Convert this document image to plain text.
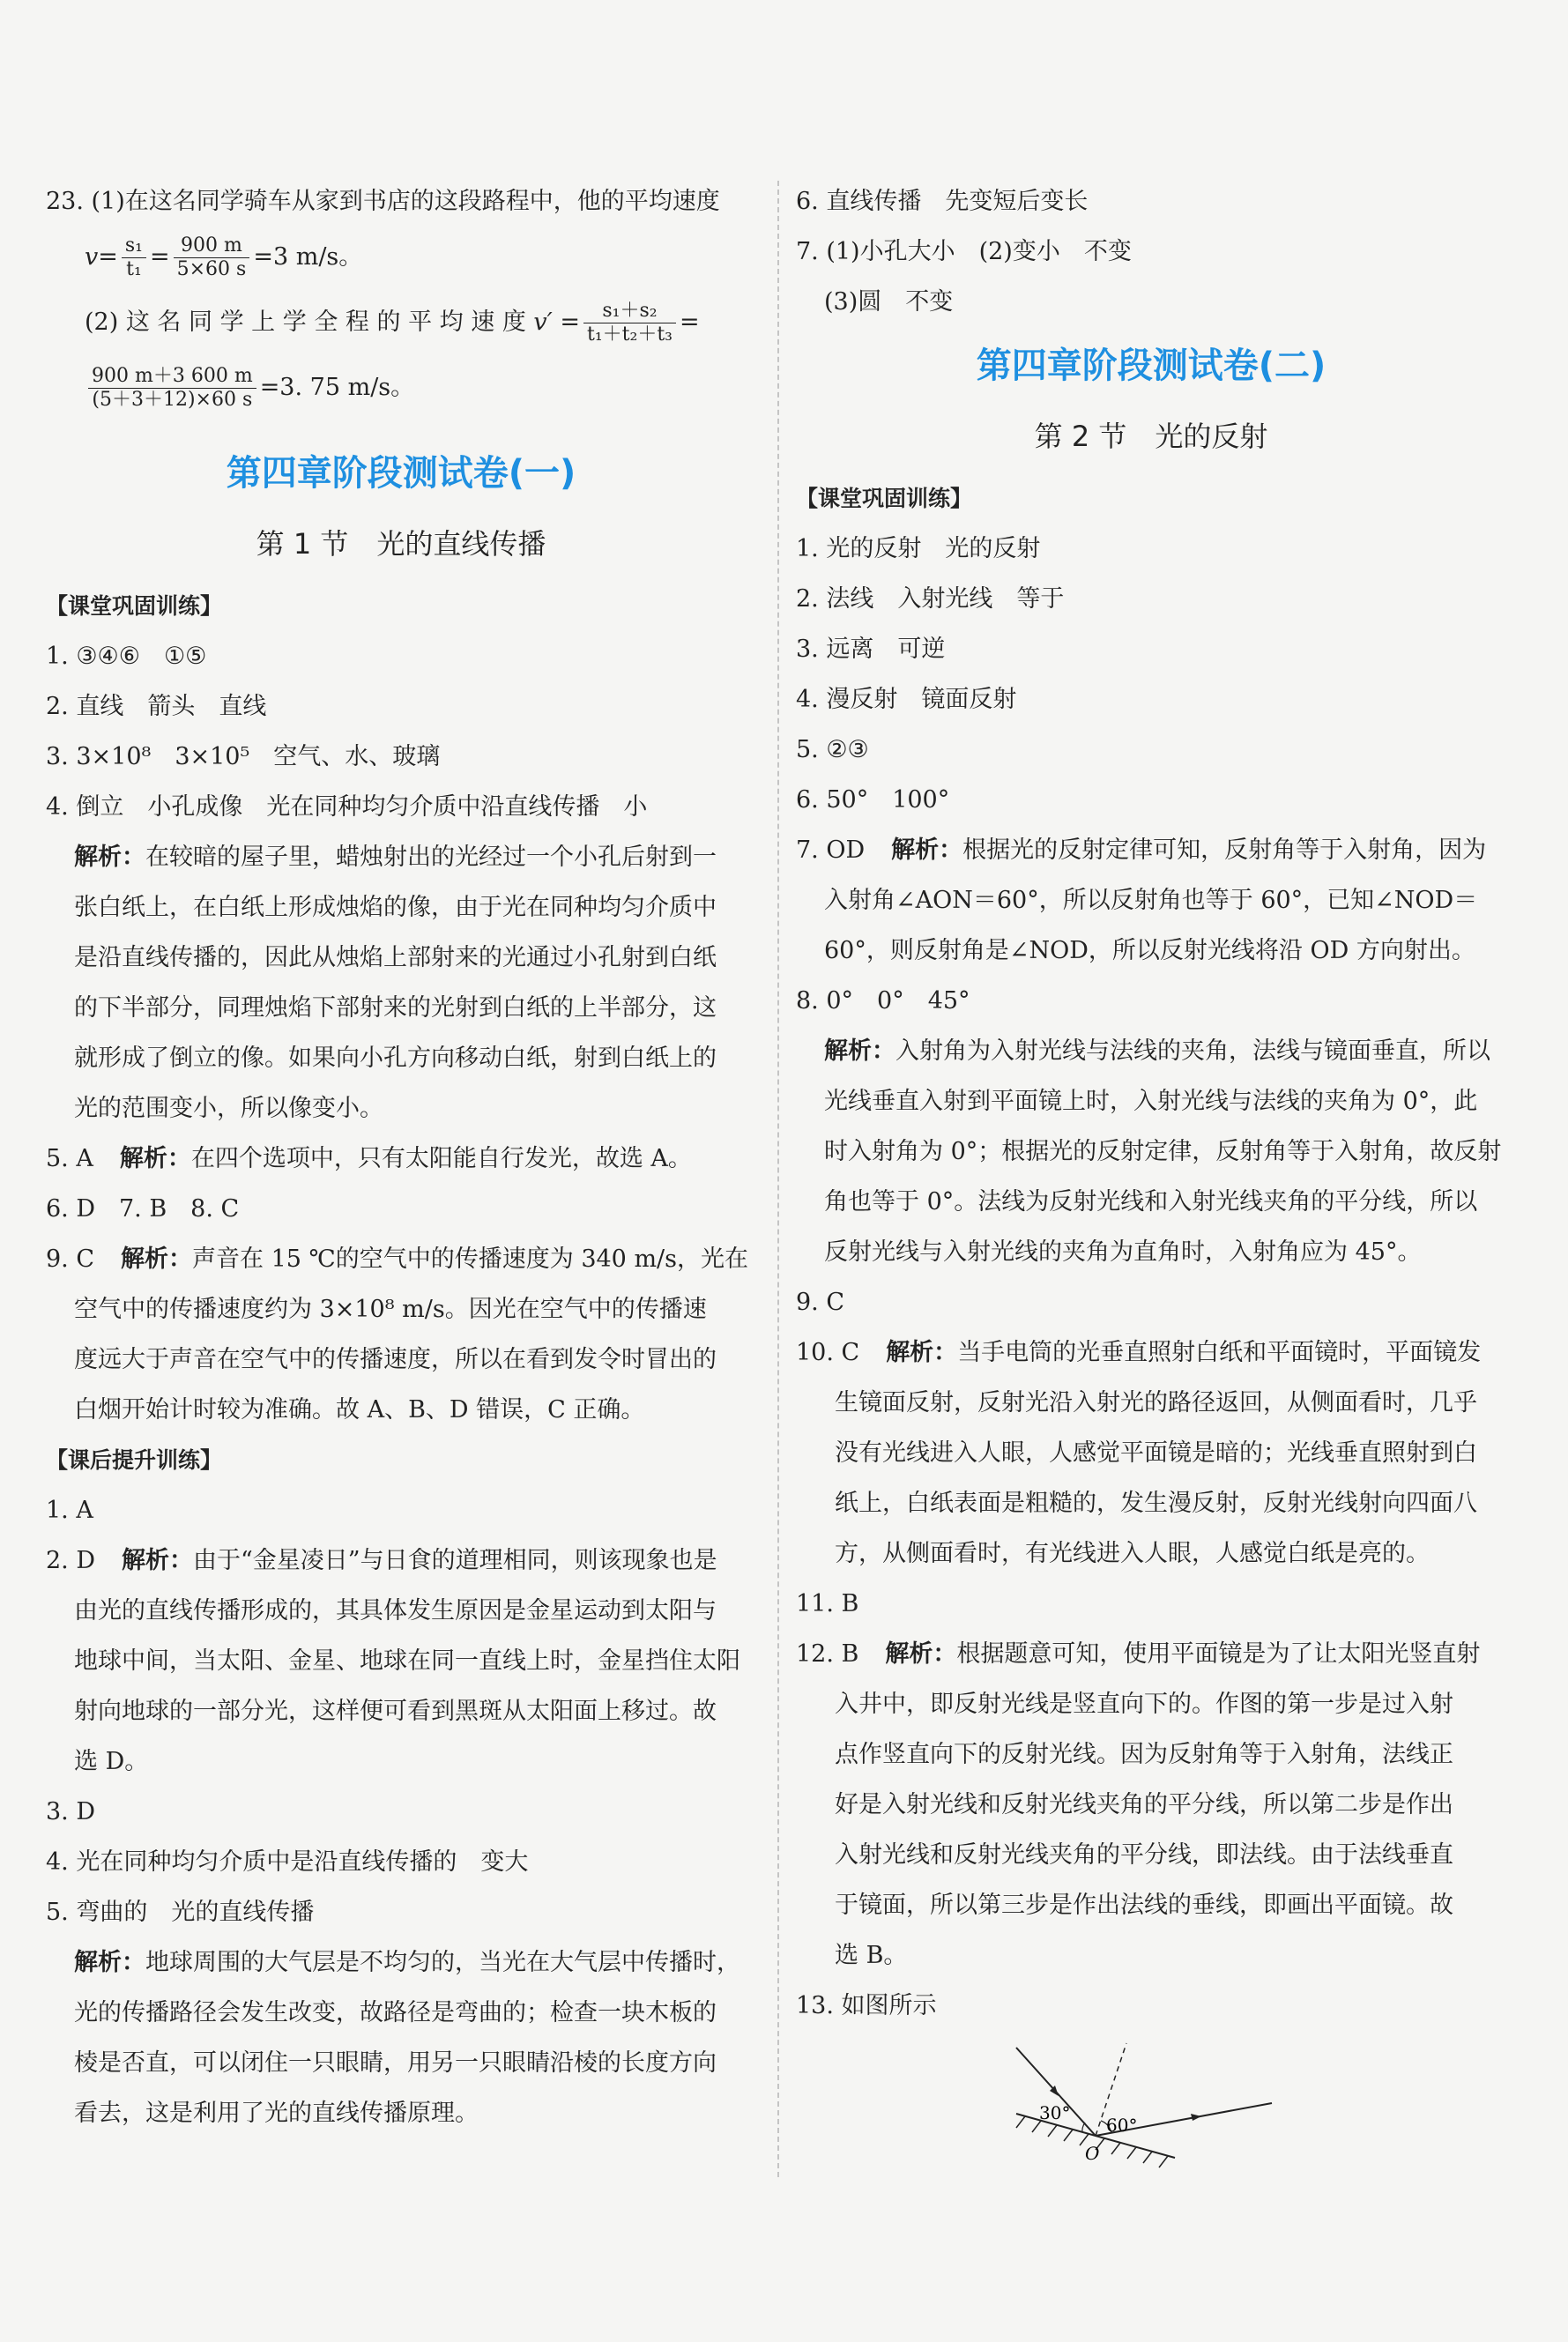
23. (1)在这名同学骑车从家到书店的这段路程中，他的平均速度
$v= \frac{\text{s₁}}{\text{t₁}} = \frac{900 m}{5\times 60 s} =3$ m/s。
(2) 这 名 同 学 上 学 全 程 的 平 均 速 度 $v' = \frac{\text{s₁＋s₂}}{\text{t₁＋t₂＋t₃}}$ =
$\frac{900 m+3 600 m}{(5+3+12)\times 60 s} =3$. 75 m/s。
第四章阶段测试卷(一)
第 1 节　光的直线传播
【课堂巩固训练】
1. ③④⑥　①⑤
2. 直线　箭头　直线
3. 3×10⁸　3×10⁵　空气、水、玻璃
4. 倒立　小孔成像　光在同种均匀介质中沿直线传播　小
解析：在较暗的屋子里，蜡烛射出的光经过一个小孔后射到一
张白纸上，在白纸上形成烛焰的像，由于光在同种均匀介质中
是沿直线传播的，因此从烛焰上部射来的光通过小孔射到白纸
的下半部分，同理烛焰下部射来的光射到白纸的上半部分，这
就形成了倒立的像。如果向小孔方向移动白纸，射到白纸上的
光的范围变小，所以像变小。
5. A 解析：在四个选项中，只有太阳能自行发光，故选 A。
6. D　7. B　8. C
9. C 解析：声音在 15 ℃的空气中的传播速度为 340 m/s，光在
空气中的传播速度约为 3×10⁸ m/s。因光在空气中的传播速
度远大于声音在空气中的传播速度，所以在看到发令时冒出的
白烟开始计时较为准确。故 A、B、D 错误，C 正确。
【课后提升训练】
1. A
2. D 解析：由于“金星凌日”与日食的道理相同，则该现象也是
由光的直线传播形成的，其具体发生原因是金星运动到太阳与
地球中间，当太阳、金星、地球在同一直线上时，金星挡住太阳
射向地球的一部分光，这样便可看到黑斑从太阳面上移过。故
选 D。
3. D
4. 光在同种均匀介质中是沿直线传播的　变大
5. 弯曲的　光的直线传播
解析：地球周围的大气层是不均匀的，当光在大气层中传播时，
光的传播路径会发生改变，故路径是弯曲的；检查一块木板的
棱是否直，可以闭住一只眼睛，用另一只眼睛沿棱的长度方向
看去，这是利用了光的直线传播原理。
6. 直线传播　先变短后变长
7. (1)小孔大小　(2)变小　不变
(3)圆　不变
第四章阶段测试卷(二)
第 2 节　光的反射
【课堂巩固训练】
1. 光的反射　光的反射
2. 法线　入射光线　等于
3. 远离　可逆
4. 漫反射　镜面反射
5. ②③
6. 50°　100°
7. OD 解析：根据光的反射定律可知，反射角等于入射角，因为
入射角∠AON＝60°，所以反射角也等于 60°，已知∠NOD＝
60°，则反射角是∠NOD，所以反射光线将沿 OD 方向射出。
8. 0°　0°　45°
解析：入射角为入射光线与法线的夹角，法线与镜面垂直，所以
光线垂直入射到平面镜上时，入射光线与法线的夹角为 0°，此
时入射角为 0°；根据光的反射定律，反射角等于入射角，故反射
角也等于 0°。法线为反射光线和入射光线夹角的平分线，所以
反射光线与入射光线的夹角为直角时，入射角应为 45°。
9. C
10. C 解析：当手电筒的光垂直照射白纸和平面镜时，平面镜发
生镜面反射，反射光沿入射光的路径返回，从侧面看时，几乎
没有光线进入人眼，人感觉平面镜是暗的；光线垂直照射到白
纸上，白纸表面是粗糙的，发生漫反射，反射光线射向四面八
方，从侧面看时，有光线进入人眼，人感觉白纸是亮的。
11. B
12. B 解析：根据题意可知，使用平面镜是为了让太阳光竖直射
入井中，即反射光线是竖直向下的。作图的第一步是过入射
点作竖直向下的反射光线。因为反射角等于入射角，法线正
好是入射光线和反射光线夹角的平分线，所以第二步是作出
入射光线和反射光线夹角的平分线，即法线。由于法线垂直
于镜面，所以第三步是作出法线的垂线，即画出平面镜。故
选 B。
13. 如图所示
30°
60°
O
